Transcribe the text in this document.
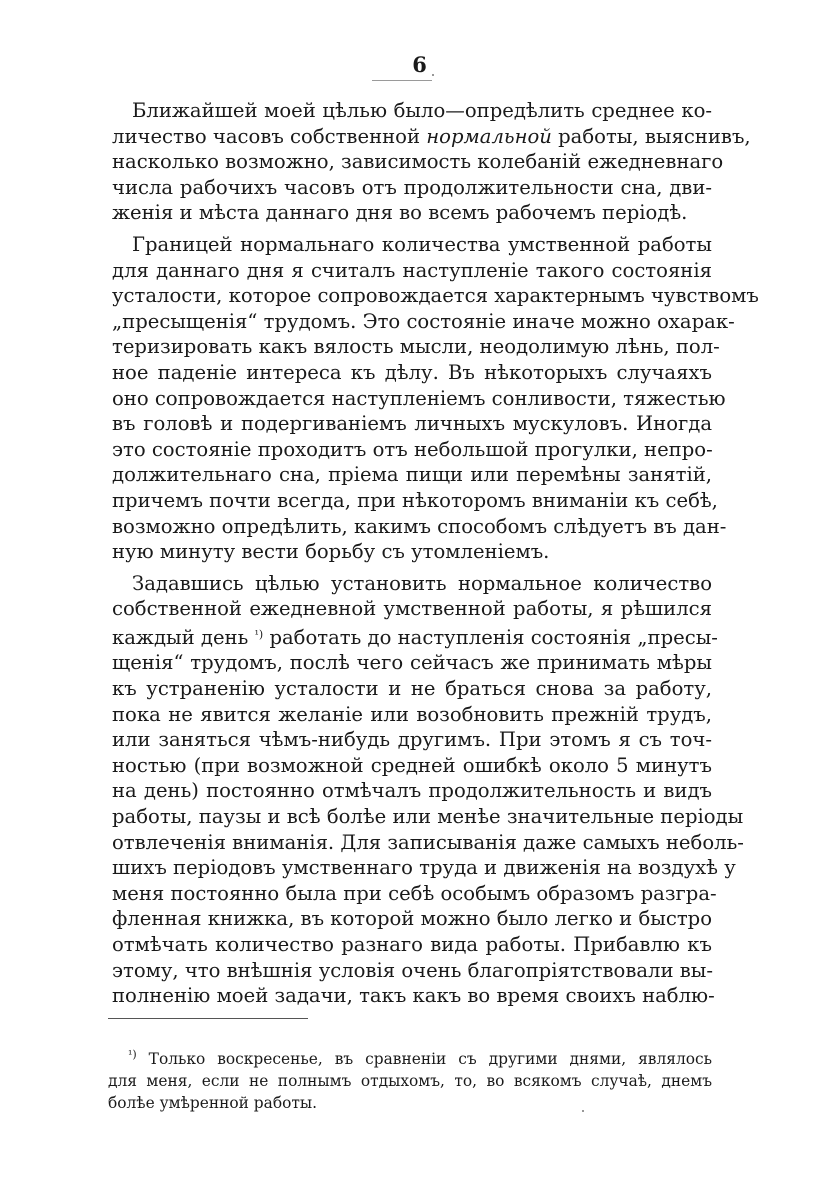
6
Ближайшей моей цѣлью было—опредѣлить среднее ко-
личество часовъ собственной нормальной работы, выяснивъ,
насколько возможно, зависимость колебаній ежедневнаго
числа рабочихъ часовъ отъ продолжительности сна, дви-
женія и мѣста даннаго дня во всемъ рабочемъ періодѣ.
Границей нормальнаго количества умственной работы
для даннаго дня я считалъ наступленіе такого состоянія
усталости, которое сопровождается характернымъ чувствомъ
„пресыщенія“ трудомъ. Это состояніе иначе можно охарак-
теризировать какъ вялость мысли, неодолимую лѣнь, пол-
ное паденіе интереса къ дѣлу. Въ нѣкоторыхъ случаяхъ
оно сопровождается наступленіемъ сонливости, тяжестью
въ головѣ и подергиваніемъ личныхъ мускуловъ. Иногда
это состояніе проходитъ отъ небольшой прогулки, непро-
должительнаго сна, пріема пищи или перемѣны занятій,
причемъ почти всегда, при нѣкоторомъ вниманіи къ себѣ,
возможно опредѣлить, какимъ способомъ слѣдуетъ въ дан-
ную минуту вести борьбу съ утомленіемъ.
Задавшись цѣлью установить нормальное количество
собственной ежедневной умственной работы, я рѣшился
каждый день $^{^1)}$ работать до наступленія состоянія „пресы-
щенія“ трудомъ, послѣ чего сейчасъ же принимать мѣры
къ устраненію усталости и не браться снова за работу,
пока не явится желаніе или возобновить прежній трудъ,
или заняться чѣмъ-нибудь другимъ. При этомъ я съ точ-
ностью (при возможной средней ошибкѣ около 5 минутъ
на день) постоянно отмѣчалъ продолжительность и видъ
работы, паузы и всѣ болѣе или менѣе значительные періоды
отвлеченія вниманія. Для записыванія даже самыхъ неболь-
шихъ періодовъ умственнаго труда и движенія на воздухѣ у
меня постоянно была при себѣ особымъ образомъ разгра-
фленная книжка, въ которой можно было легко и быстро
отмѣчать количество разнаго вида работы. Прибавлю къ
этому, что внѣшнія условія очень благопріятствовали вы-
полненію моей задачи, такъ какъ во время своихъ наблю-
$^{^1)}$ Только воскресенье, въ сравненіи съ другими днями, являлось
для меня, если не полнымъ отдыхомъ, то, во всякомъ случаѣ, днемъ
болѣе умѣренной работы.
